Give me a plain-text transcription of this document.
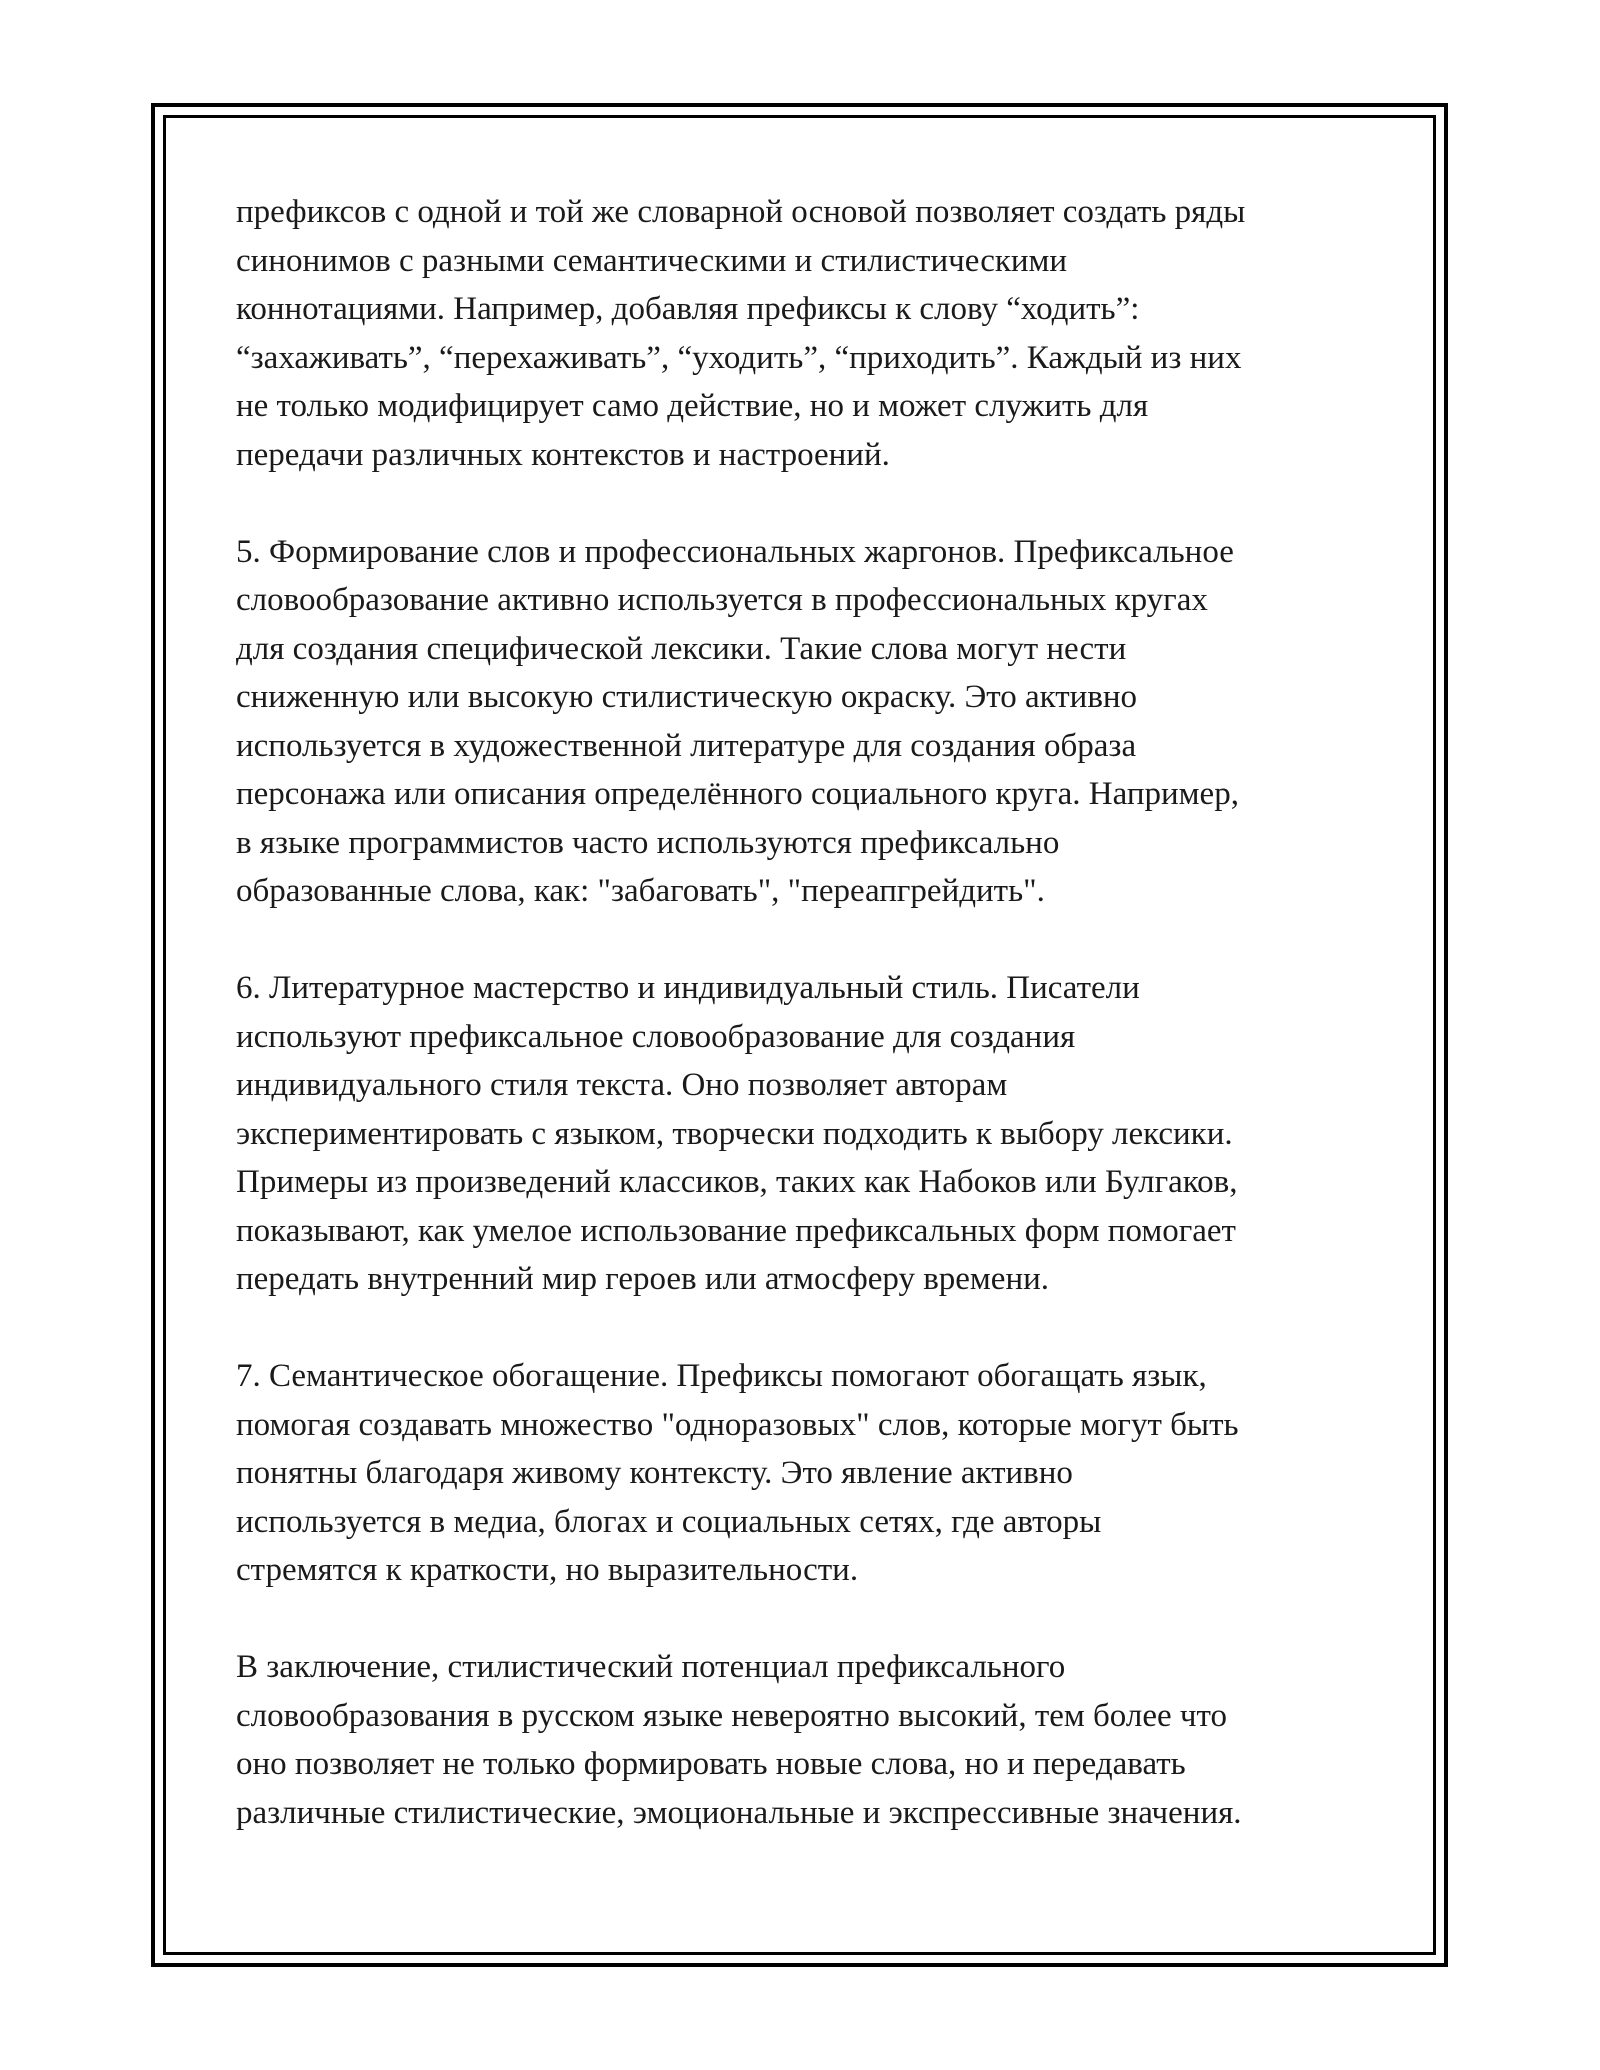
префиксов с одной и той же словарной основой позволяет создать ряды
синонимов с разными семантическими и стилистическими
коннотациями. Например, добавляя префиксы к слову “ходить”:
“захаживать”, “перехаживать”, “уходить”, “приходить”. Каждый из них
не только модифицирует само действие, но и может служить для
передачи различных контекстов и настроений.

5. Формирование слов и профессиональных жаргонов. Префиксальное
словообразование активно используется в профессиональных кругах
для создания специфической лексики. Такие слова могут нести
сниженную или высокую стилистическую окраску. Это активно
используется в художественной литературе для создания образа
персонажа или описания определённого социального круга. Например,
в языке программистов часто используются префиксально
образованные слова, как: "забаговать", "переапгрейдить".

6. Литературное мастерство и индивидуальный стиль. Писатели
используют префиксальное словообразование для создания
индивидуального стиля текста. Оно позволяет авторам
экспериментировать с языком, творчески подходить к выбору лексики.
Примеры из произведений классиков, таких как Набоков или Булгаков,
показывают, как умелое использование префиксальных форм помогает
передать внутренний мир героев или атмосферу времени.

7. Семантическое обогащение. Префиксы помогают обогащать язык,
помогая создавать множество "одноразовых" слов, которые могут быть
понятны благодаря живому контексту. Это явление активно
используется в медиа, блогах и социальных сетях, где авторы
стремятся к краткости, но выразительности.

В заключение, стилистический потенциал префиксального
словообразования в русском языке невероятно высокий, тем более что
оно позволяет не только формировать новые слова, но и передавать
различные стилистические, эмоциональные и экспрессивные значения.
